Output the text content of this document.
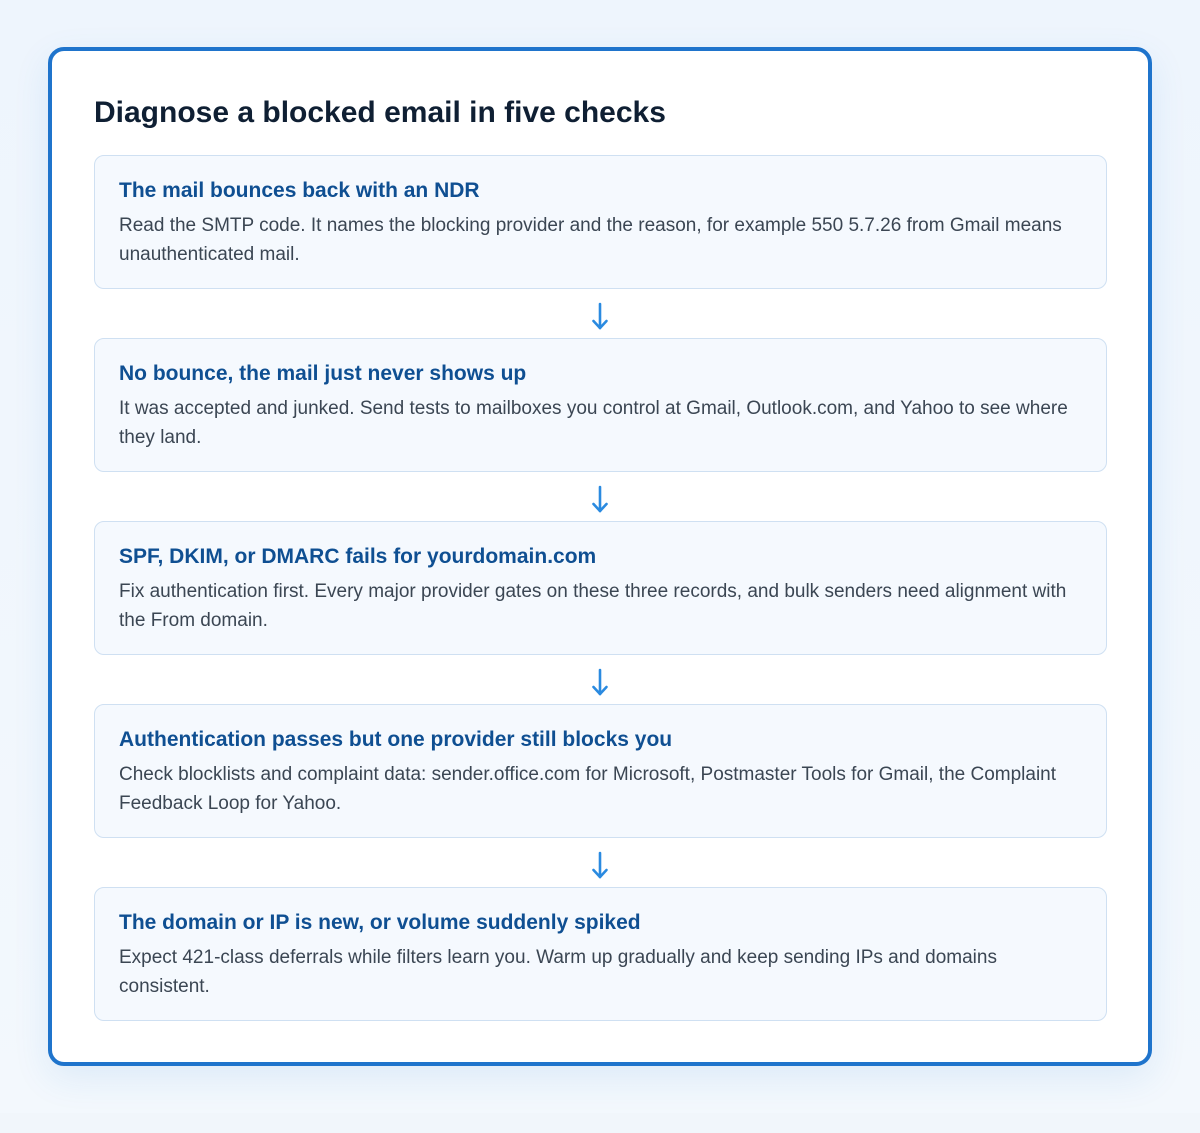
Diagnose a blocked email in five checks
The mail bounces back with an NDR

Read the SMTP code. It names the blocking provider and the reason, for example 550 5.7.26 from Gmail means unauthenticated mail.

No bounce, the mail just never shows up

It was accepted and junked. Send tests to mailboxes you control at Gmail, Outlook.com, and Yahoo to see where they land.

SPF, DKIM, or DMARC fails for yourdomain.com

Fix authentication first. Every major provider gates on these three records, and bulk senders need alignment with the From domain.

Authentication passes but one provider still blocks you

Check blocklists and complaint data: sender.office.com for Microsoft, Postmaster Tools for Gmail, the Complaint Feedback Loop for Yahoo.

The domain or IP is new, or volume suddenly spiked

Expect 421-class deferrals while filters learn you. Warm up gradually and keep sending IPs and domains consistent.
